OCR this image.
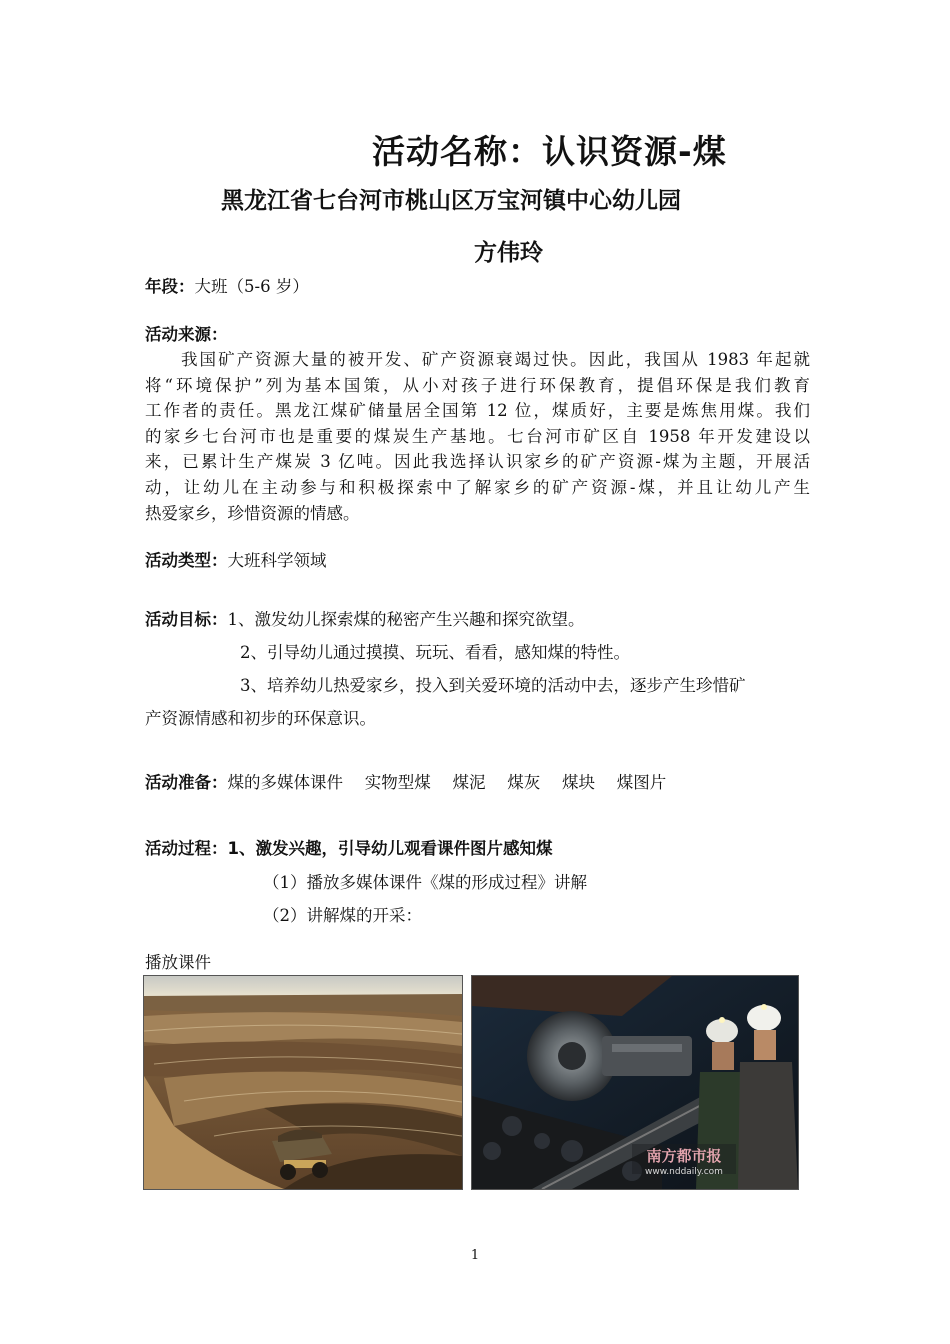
活动名称：认识资源-煤
黑龙江省七台河市桃山区万宝河镇中心幼儿园
方伟玲
年段：大班（5-6 岁）
活动来源：
我国矿产资源大量的被开发、矿产资源衰竭过快。因此，我国从 1983 年起就
将“环境保护”列为基本国策，从小对孩子进行环保教育，提倡环保是我们教育
工作者的责任。黑龙江煤矿储量居全国第 12 位，煤质好，主要是炼焦用煤。我们
的家乡七台河市也是重要的煤炭生产基地。七台河市矿区自 1958 年开发建设以
来，已累计生产煤炭 3 亿吨。因此我选择认识家乡的矿产资源-煤为主题，开展活
动，让幼儿在主动参与和积极探索中了解家乡的矿产资源-煤，并且让幼儿产生
热爱家乡，珍惜资源的情感。
活动类型：大班科学领域
活动目标：1、激发幼儿探索煤的秘密产生兴趣和探究欲望。
2、引导幼儿通过摸摸、玩玩、看看，感知煤的特性。
3、培养幼儿热爱家乡，投入到关爱环境的活动中去，逐步产生珍惜矿
产资源情感和初步的环保意识。
活动准备：煤的多媒体课件　 实物型煤　 煤泥　 煤灰　 煤块　 煤图片
活动过程：1、激发兴趣，引导幼儿观看课件图片感知煤
（1）播放多媒体课件《煤的形成过程》讲解
（2）讲解煤的开采：
播放课件
南方都市报
www.nddaily.com
1
